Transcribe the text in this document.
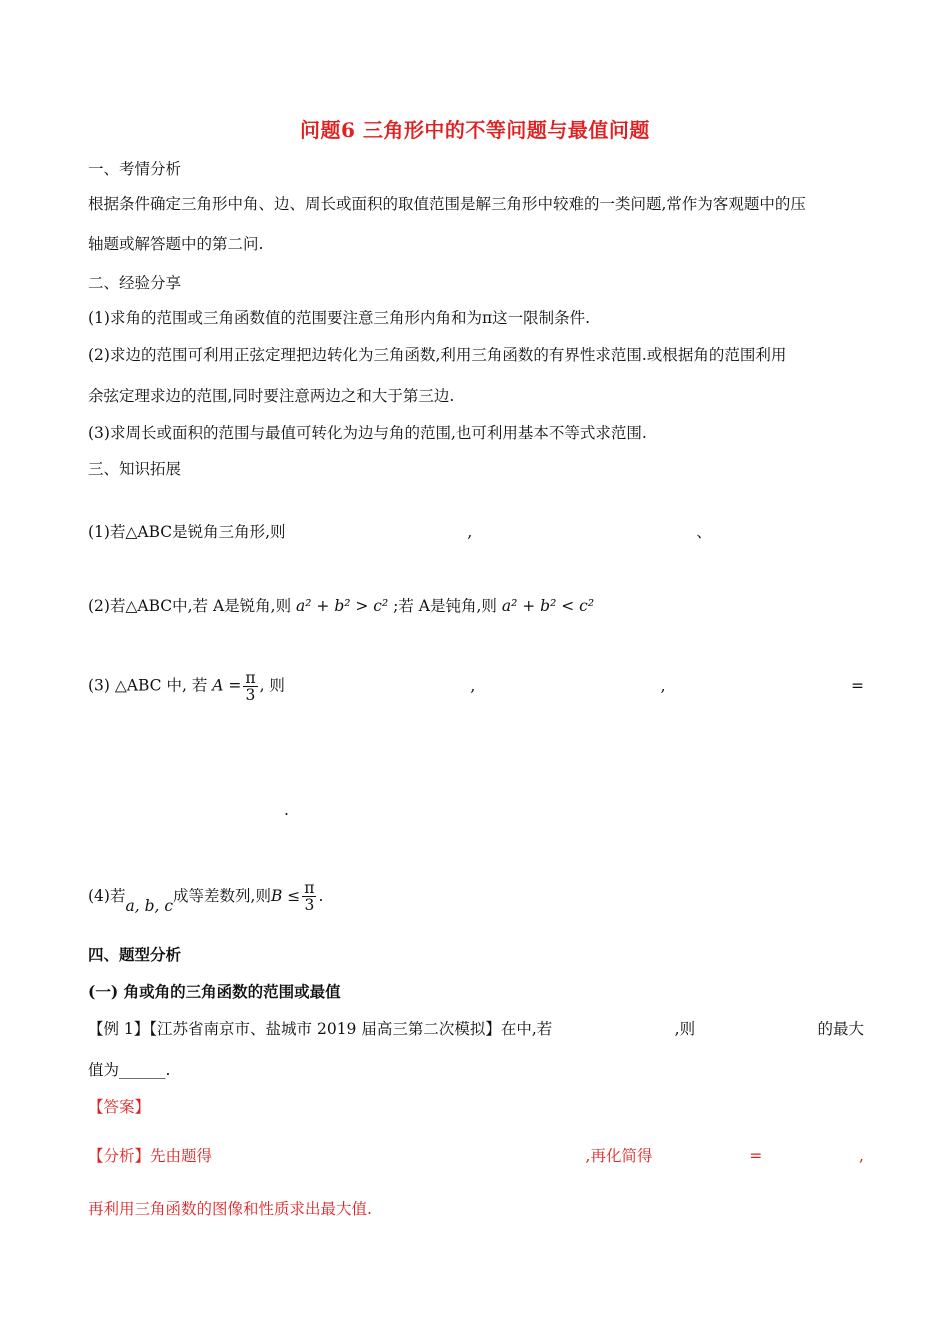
问题6 三角形中的不等问题与最值问题
一、考情分析
根据条件确定三角形中角、边、周长或面积的取值范围是解三角形中较难的一类问题,常作为客观题中的压
轴题或解答题中的第二问.
二、经验分享
(1)求角的范围或三角函数值的范围要注意三角形内角和为π这一限制条件.
(2)求边的范围可利用正弦定理把边转化为三角函数,利用三角函数的有界性求范围.或根据角的范围利用
余弦定理求边的范围,同时要注意两边之和大于第三边.
(3)求周长或面积的范围与最值可转化为边与角的范围,也可利用基本不等式求范围.
三、知识拓展
(1)若△ABC是锐角三角形,则	,	、
(2)若△ABC中,若 A是锐角,则 a² + b² > c² ;若 A是钝角,则 a² + b² < c²
(3) △ABC 中, 若 $A = \frac{\pi}{3}$ , 则	,	,	=
.
(4)若
a, b, c
成等差数列,则 $B \le \frac{\pi}{3}$ .
四、题型分析
(一) 角或角的三角函数的范围或最值
【例 1】【江苏省南京市、盐城市 2019 届高三第二次模拟】在中,若	,则	的最大
值为______.
【答案】
【分析】先由题得	,再化简得	=	,
再利用三角函数的图像和性质求出最大值.
